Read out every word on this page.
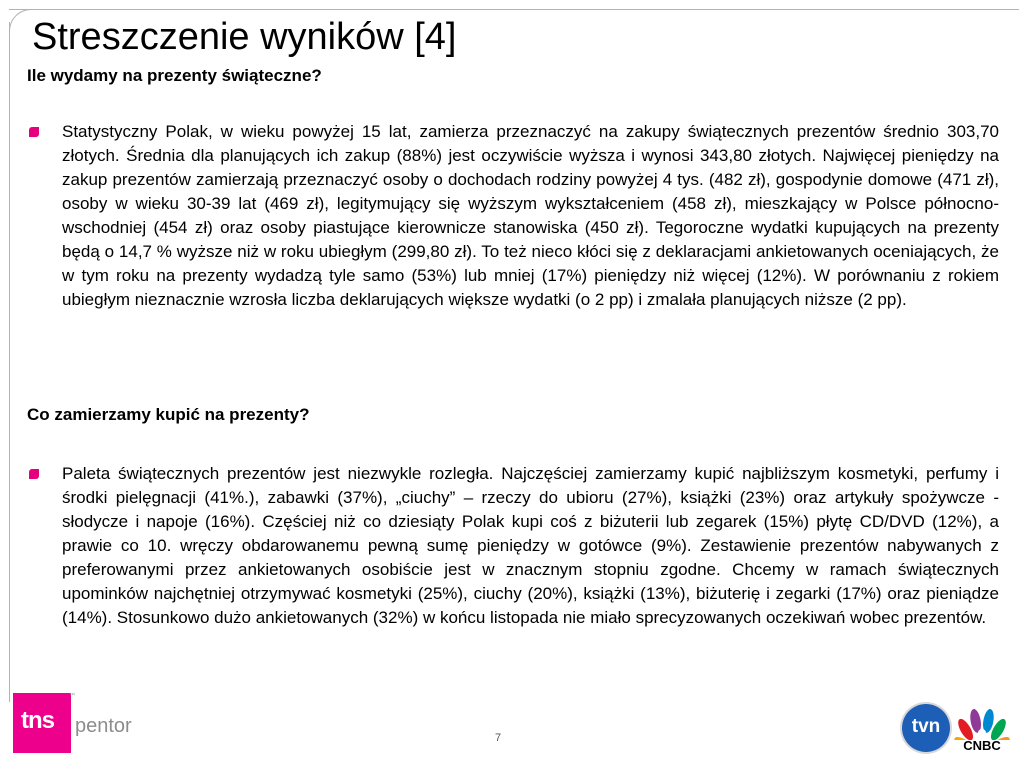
Streszczenie wyników [4]
Ile wydamy na prezenty świąteczne?

Statystyczny Polak, w wieku powyżej 15 lat, zamierza przeznaczyć na zakupy świątecznych prezentów średnio 303,70 złotych. Średnia dla planujących ich zakup (88%) jest oczywiście wyższa i wynosi 343,80 złotych. Najwięcej pieniędzy na zakup prezentów zamierzają przeznaczyć osoby o dochodach rodziny powyżej 4 tys. (482 zł), gospodynie domowe (471 zł), osoby w wieku 30-39 lat (469 zł), legitymujący się wyższym wykształceniem (458 zł), mieszkający w Polsce północno-wschodniej (454 zł) oraz osoby piastujące kierownicze stanowiska (450 zł). Tegoroczne wydatki kupujących na prezenty będą o 14,7 % wyższe niż w roku ubiegłym (299,80 zł). To też nieco kłóci się z deklaracjami ankietowanych oceniających, że w tym roku na prezenty wydadzą tyle samo (53%) lub mniej (17%) pieniędzy niż więcej (12%). W porównaniu z rokiem ubiegłym nieznacznie wzrosła liczba deklarujących większe wydatki (o 2 pp) i zmalała planujących niższe (2 pp).

Co zamierzamy kupić na prezenty?

Paleta świątecznych prezentów jest niezwykle rozległa. Najczęściej zamierzamy kupić najbliższym kosmetyki, perfumy i środki pielęgnacji (41%.), zabawki (37%), „ciuchy” – rzeczy do ubioru (27%), książki (23%) oraz artykuły spożywcze - słodycze i napoje (16%). Częściej niż co dziesiąty Polak kupi coś z biżuterii lub zegarek (15%) płytę CD/DVD (12%), a prawie co 10. wręczy obdarowanemu pewną sumę pieniędzy w gotówce (9%). Zestawienie prezentów nabywanych z preferowanymi przez ankietowanych osobiście jest w znacznym stopniu zgodne. Chcemy w ramach świątecznych upominków najchętniej otrzymywać kosmetyki (25%), ciuchy (20%), książki (13%), biżuterię i zegarki (17%) oraz pieniądze (14%). Stosunkowo dużo ankietowanych (32%) w końcu listopada nie miało sprecyzowanych oczekiwań wobec prezentów.

tns
™
pentor
7
tvn
CNBC
